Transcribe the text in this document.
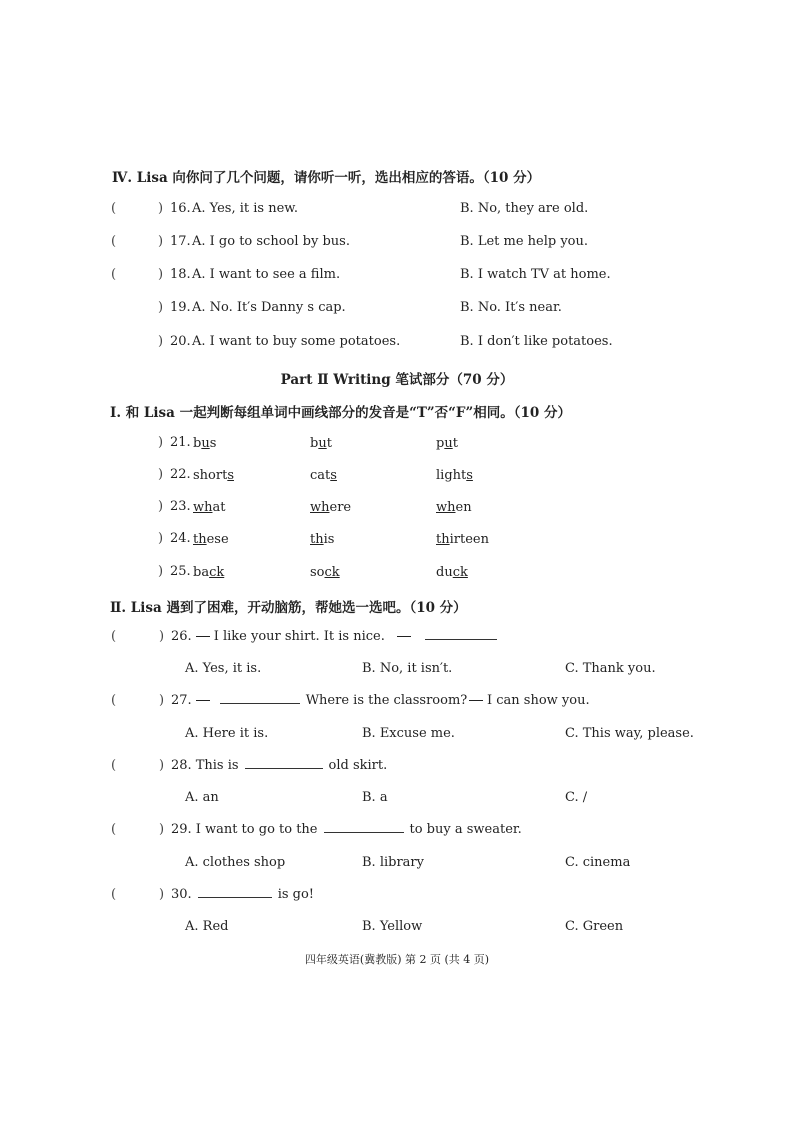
Ⅳ. Lisa 向你问了几个问题，请你听一听，选出相应的答语。（10 分）
(	) 16. A. Yes, it is new.	B. No, they are old.
(	) 17. A. I go to school by bus.	B. Let me help you.
(	) 18. A. I want to see a film.	B. I watch TV at home.
) 19. A. No. It′s Danny s cap.	B. No. It′s near.
) 20. A. I want to buy some potatoes.	B. I don′t like potatoes.
Part Ⅱ Writing 笔试部分（70 分）
Ⅰ. 和 Lisa 一起判断每组单词中画线部分的发音是“T”否“F”相同。（10 分）
) 21. bus	but	put
) 22. shorts	cats	lights
) 23. what	where	when
) 24. these	this	thirteen
) 25. back	sock	duck
Ⅱ. Lisa 遇到了困难，开动脑筋，帮她选一选吧。（10 分）
(	) 26. I like your shirt. It is nice.
A. Yes, it is.	B. No, it isn′t.	C. Thank you.
(	) 27.	Where is the classroom?	I can show you.
A. Here it is.	B. Excuse me.	C. This way, please.
(	) 28. This is	old skirt.
A. an	B. a	C. /
(	) 29. I want to go to the	to buy a sweater.
A. clothes shop	B. library	C. cinema
(	) 30.	is go!
A. Red	B. Yellow	C. Green
四年级英语(冀教版) 第 2 页 (共 4 页)
